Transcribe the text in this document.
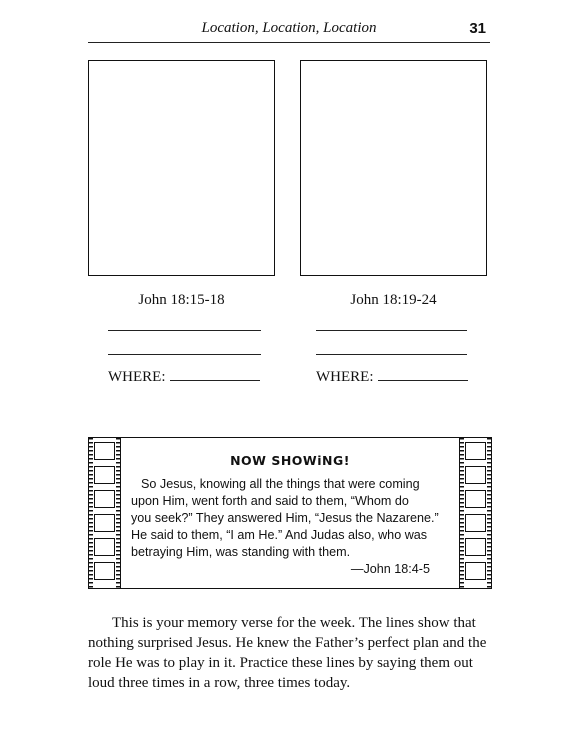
Location, Location, Location	31
John 18:15-18
WHERE:
John 18:19-24
WHERE:
NOW SHOWiNG!
So Jesus, knowing all the things that were coming
upon Him, went forth and said to them, “Whom do
you seek?” They answered Him, “Jesus the Nazarene.”
He said to them, “I am He.” And Judas also, who was
betraying Him, was standing with them.
—John 18:4-5

This is your memory verse for the week. The lines show that nothing surprised Jesus. He knew the Father’s perfect plan and the role He was to play in it. Practice these lines by saying them out loud three times in a row, three times today.
